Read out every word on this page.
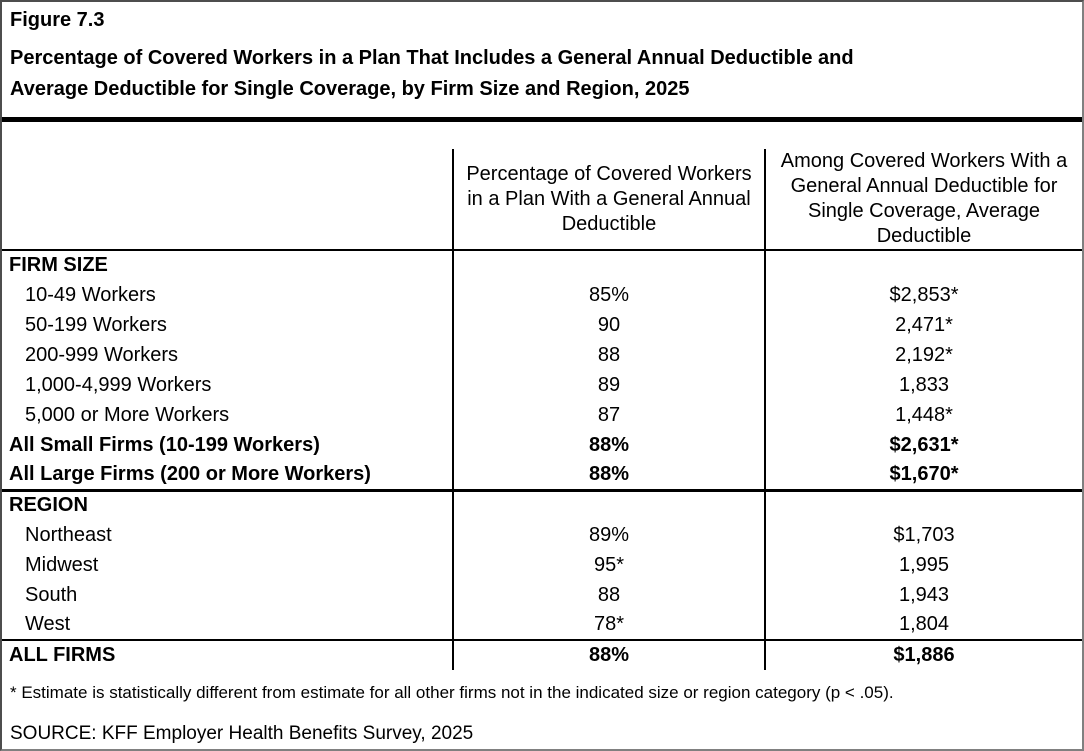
Figure 7.3
Percentage of Covered Workers in a Plan That Includes a General Annual Deductible and
Average Deductible for Single Coverage, by Firm Size and Region, 2025
	Percentage of Covered Workers in a Plan With a General Annual Deductible	Among Covered Workers With a General Annual Deductible for Single Coverage, Average Deductible
FIRM SIZE		
10-49 Workers	85%	$2,853*
50-199 Workers	90	2,471*
200-999 Workers	88	2,192*
1,000-4,999 Workers	89	1,833
5,000 or More Workers	87	1,448*
All Small Firms (10-199 Workers)	88%	$2,631*
All Large Firms (200 or More Workers)	88%	$1,670*
REGION		
Northeast	89%	$1,703
Midwest	95*	1,995
South	88	1,943
West	78*	1,804
ALL FIRMS	88%	$1,886
* Estimate is statistically different from estimate for all other firms not in the indicated size or region category (p < .05).
SOURCE: KFF Employer Health Benefits Survey, 2025
